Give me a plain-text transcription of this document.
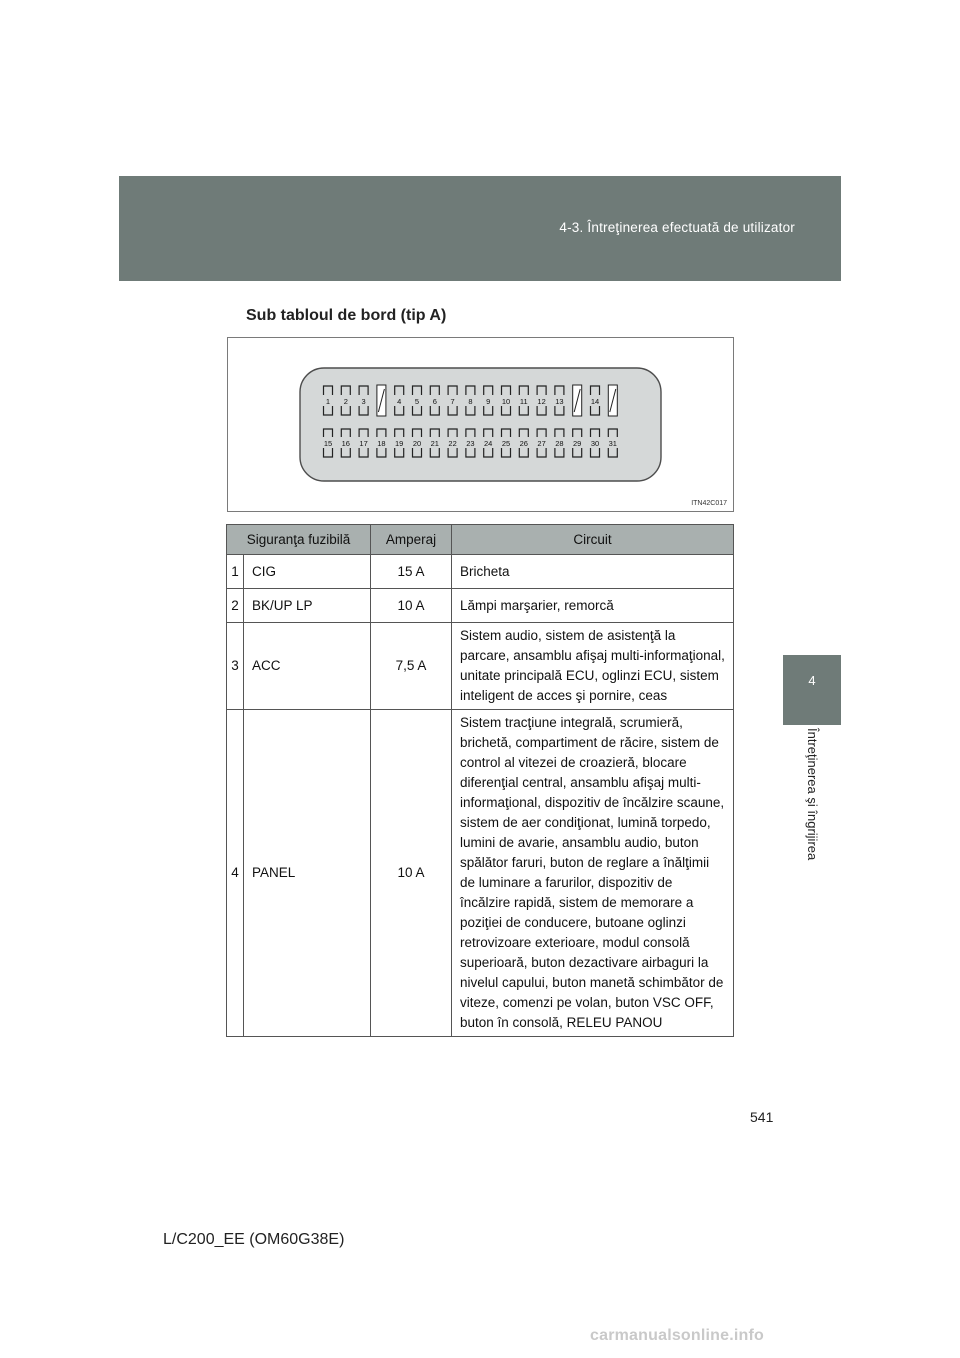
4-3. Întreţinerea efectuată de utilizator
4
Întreţinerea şi îngrijirea
Sub tabloul de bord (tip A)
1 2 3	4 5 6 7 8 9 10 11 12 13	14
15 16 17 18 19 20 21 22 23 24 25 26 27 28 29 30 31
ITN42C017
Siguranţa fuzibilă		Amperaj	Circuit
1	CIG	15 A	Bricheta
2	BK/UP LP	10 A	Lămpi marşarier, remorcă
3	ACC	7,5 A	Sistem audio, sistem de asistenţă la parcare, ansamblu afişaj multi-informaţional, unitate principală ECU, oglinzi ECU, sistem inteligent de acces şi pornire, ceas
4	PANEL	10 A	Sistem tracţiune integrală, scrumieră, brichetă, compartiment de răcire, sistem de control al vitezei de croazieră, blocare diferenţial central, ansamblu afişaj multi-informaţional, dispozitiv de încălzire scaune, sistem de aer condiţionat, lumină torpedo, lumini de avarie, ansamblu audio, buton spălător faruri, buton de reglare a înălţimii de luminare a farurilor, dispozitiv de încălzire rapidă, sistem de memorare a poziţiei de conducere, butoane oglinzi retrovizoare exterioare, modul consolă superioară, buton dezactivare airbaguri la nivelul capului, buton manetă schimbător de viteze, comenzi pe volan, buton VSC OFF, buton în consolă, RELEU PANOU
541
L/C200_EE (OM60G38E)
carmanualsonline.info
